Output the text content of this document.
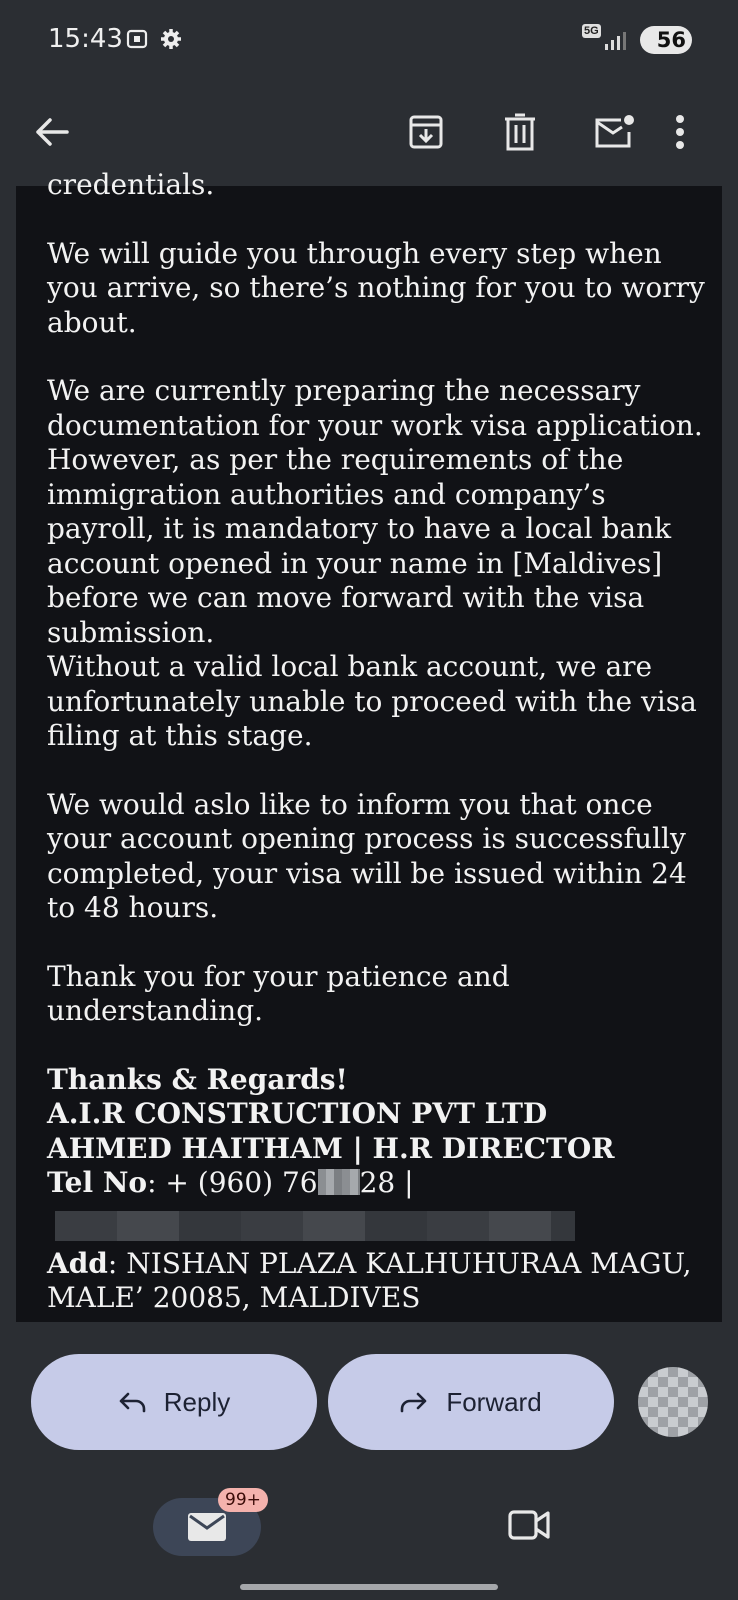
15:43	5G	56

credentials.

We will guide you through every step when you arrive, so there’s nothing for you to worry about.

We are currently preparing the necessary documentation for your work visa application. However, as per the requirements of the immigration authorities and company’s payroll, it is mandatory to have a local bank account opened in your name in [Maldives] before we can move forward with the visa submission.

Without a valid local bank account, we are unfortunately unable to proceed with the visa filing at this stage.

We would aslo like to inform you that once your account opening process is successfully completed, your visa will be issued within 24 to 48 hours.

Thank you for your patience and understanding.

Thanks & Regards!
A.I.R CONSTRUCTION PVT LTD
AHMED HAITHAM | H.R DIRECTOR
Tel No: + (960) 76 28 |
Add: NISHAN PLAZA KALHUHURAA MAGU,
MALE’ 20085, MALDIVES
Reply	Forward
99+
